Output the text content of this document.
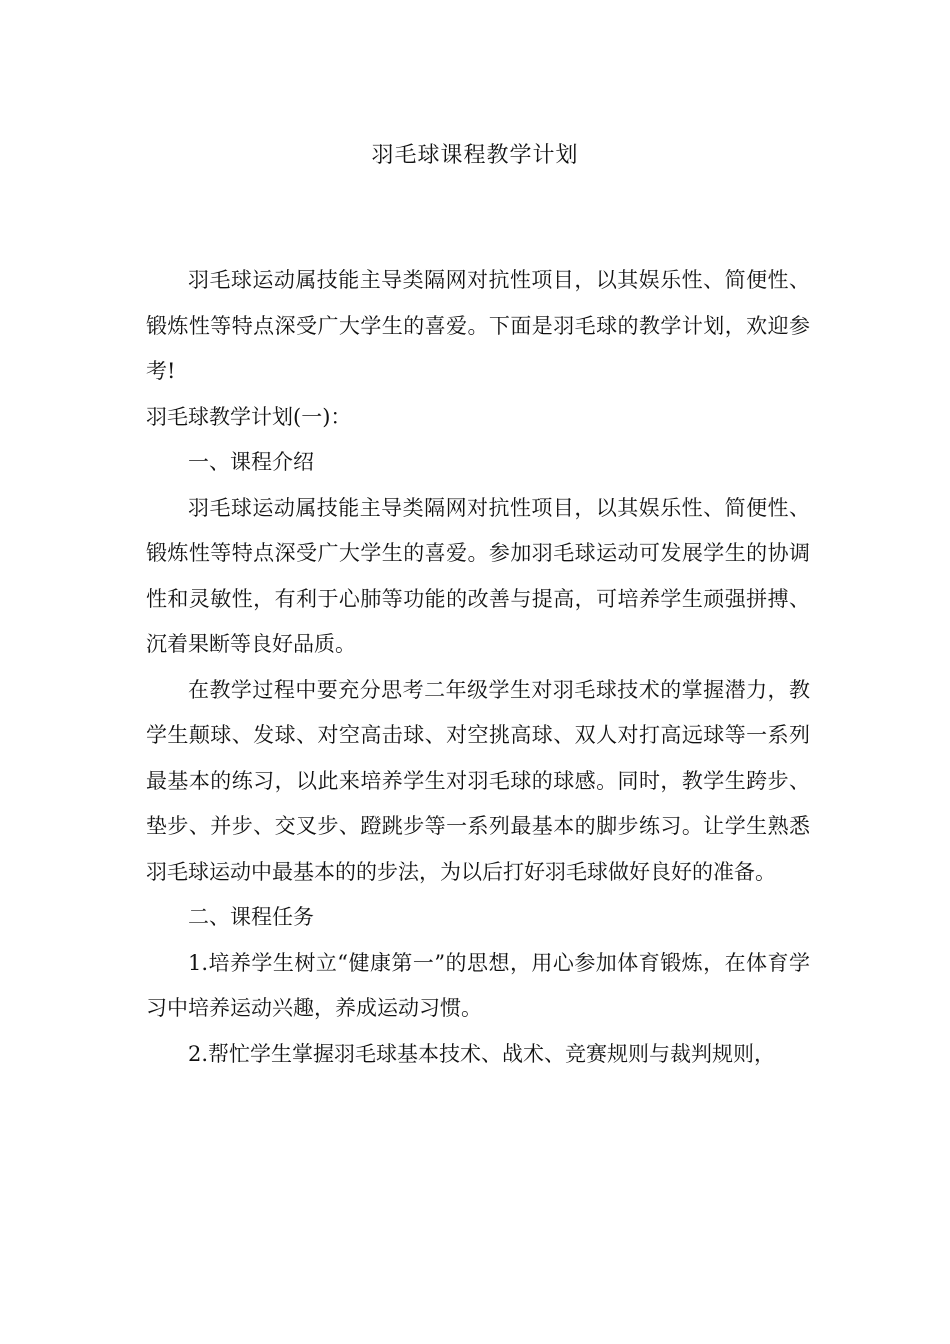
羽毛球课程教学计划

羽毛球运动属技能主导类隔网对抗性项目，以其娱乐性、简便性、锻炼性等特点深受广大学生的喜爱。下面是羽毛球的教学计划，欢迎参考!

羽毛球教学计划(一)：

一、课程介绍

羽毛球运动属技能主导类隔网对抗性项目，以其娱乐性、简便性、锻炼性等特点深受广大学生的喜爱。参加羽毛球运动可发展学生的协调性和灵敏性，有利于心肺等功能的改善与提高，可培养学生顽强拼搏、沉着果断等良好品质。

在教学过程中要充分思考二年级学生对羽毛球技术的掌握潜力，教学生颠球、发球、对空高击球、对空挑高球、双人对打高远球等一系列最基本的练习，以此来培养学生对羽毛球的球感。同时，教学生跨步、垫步、并步、交叉步、蹬跳步等一系列最基本的脚步练习。让学生熟悉羽毛球运动中最基本的的步法，为以后打好羽毛球做好良好的准备。

二、课程任务

1.培养学生树立“健康第一”的思想，用心参加体育锻炼，在体育学习中培养运动兴趣，养成运动习惯。

2.帮忙学生掌握羽毛球基本技术、战术、竞赛规则与裁判规则，
